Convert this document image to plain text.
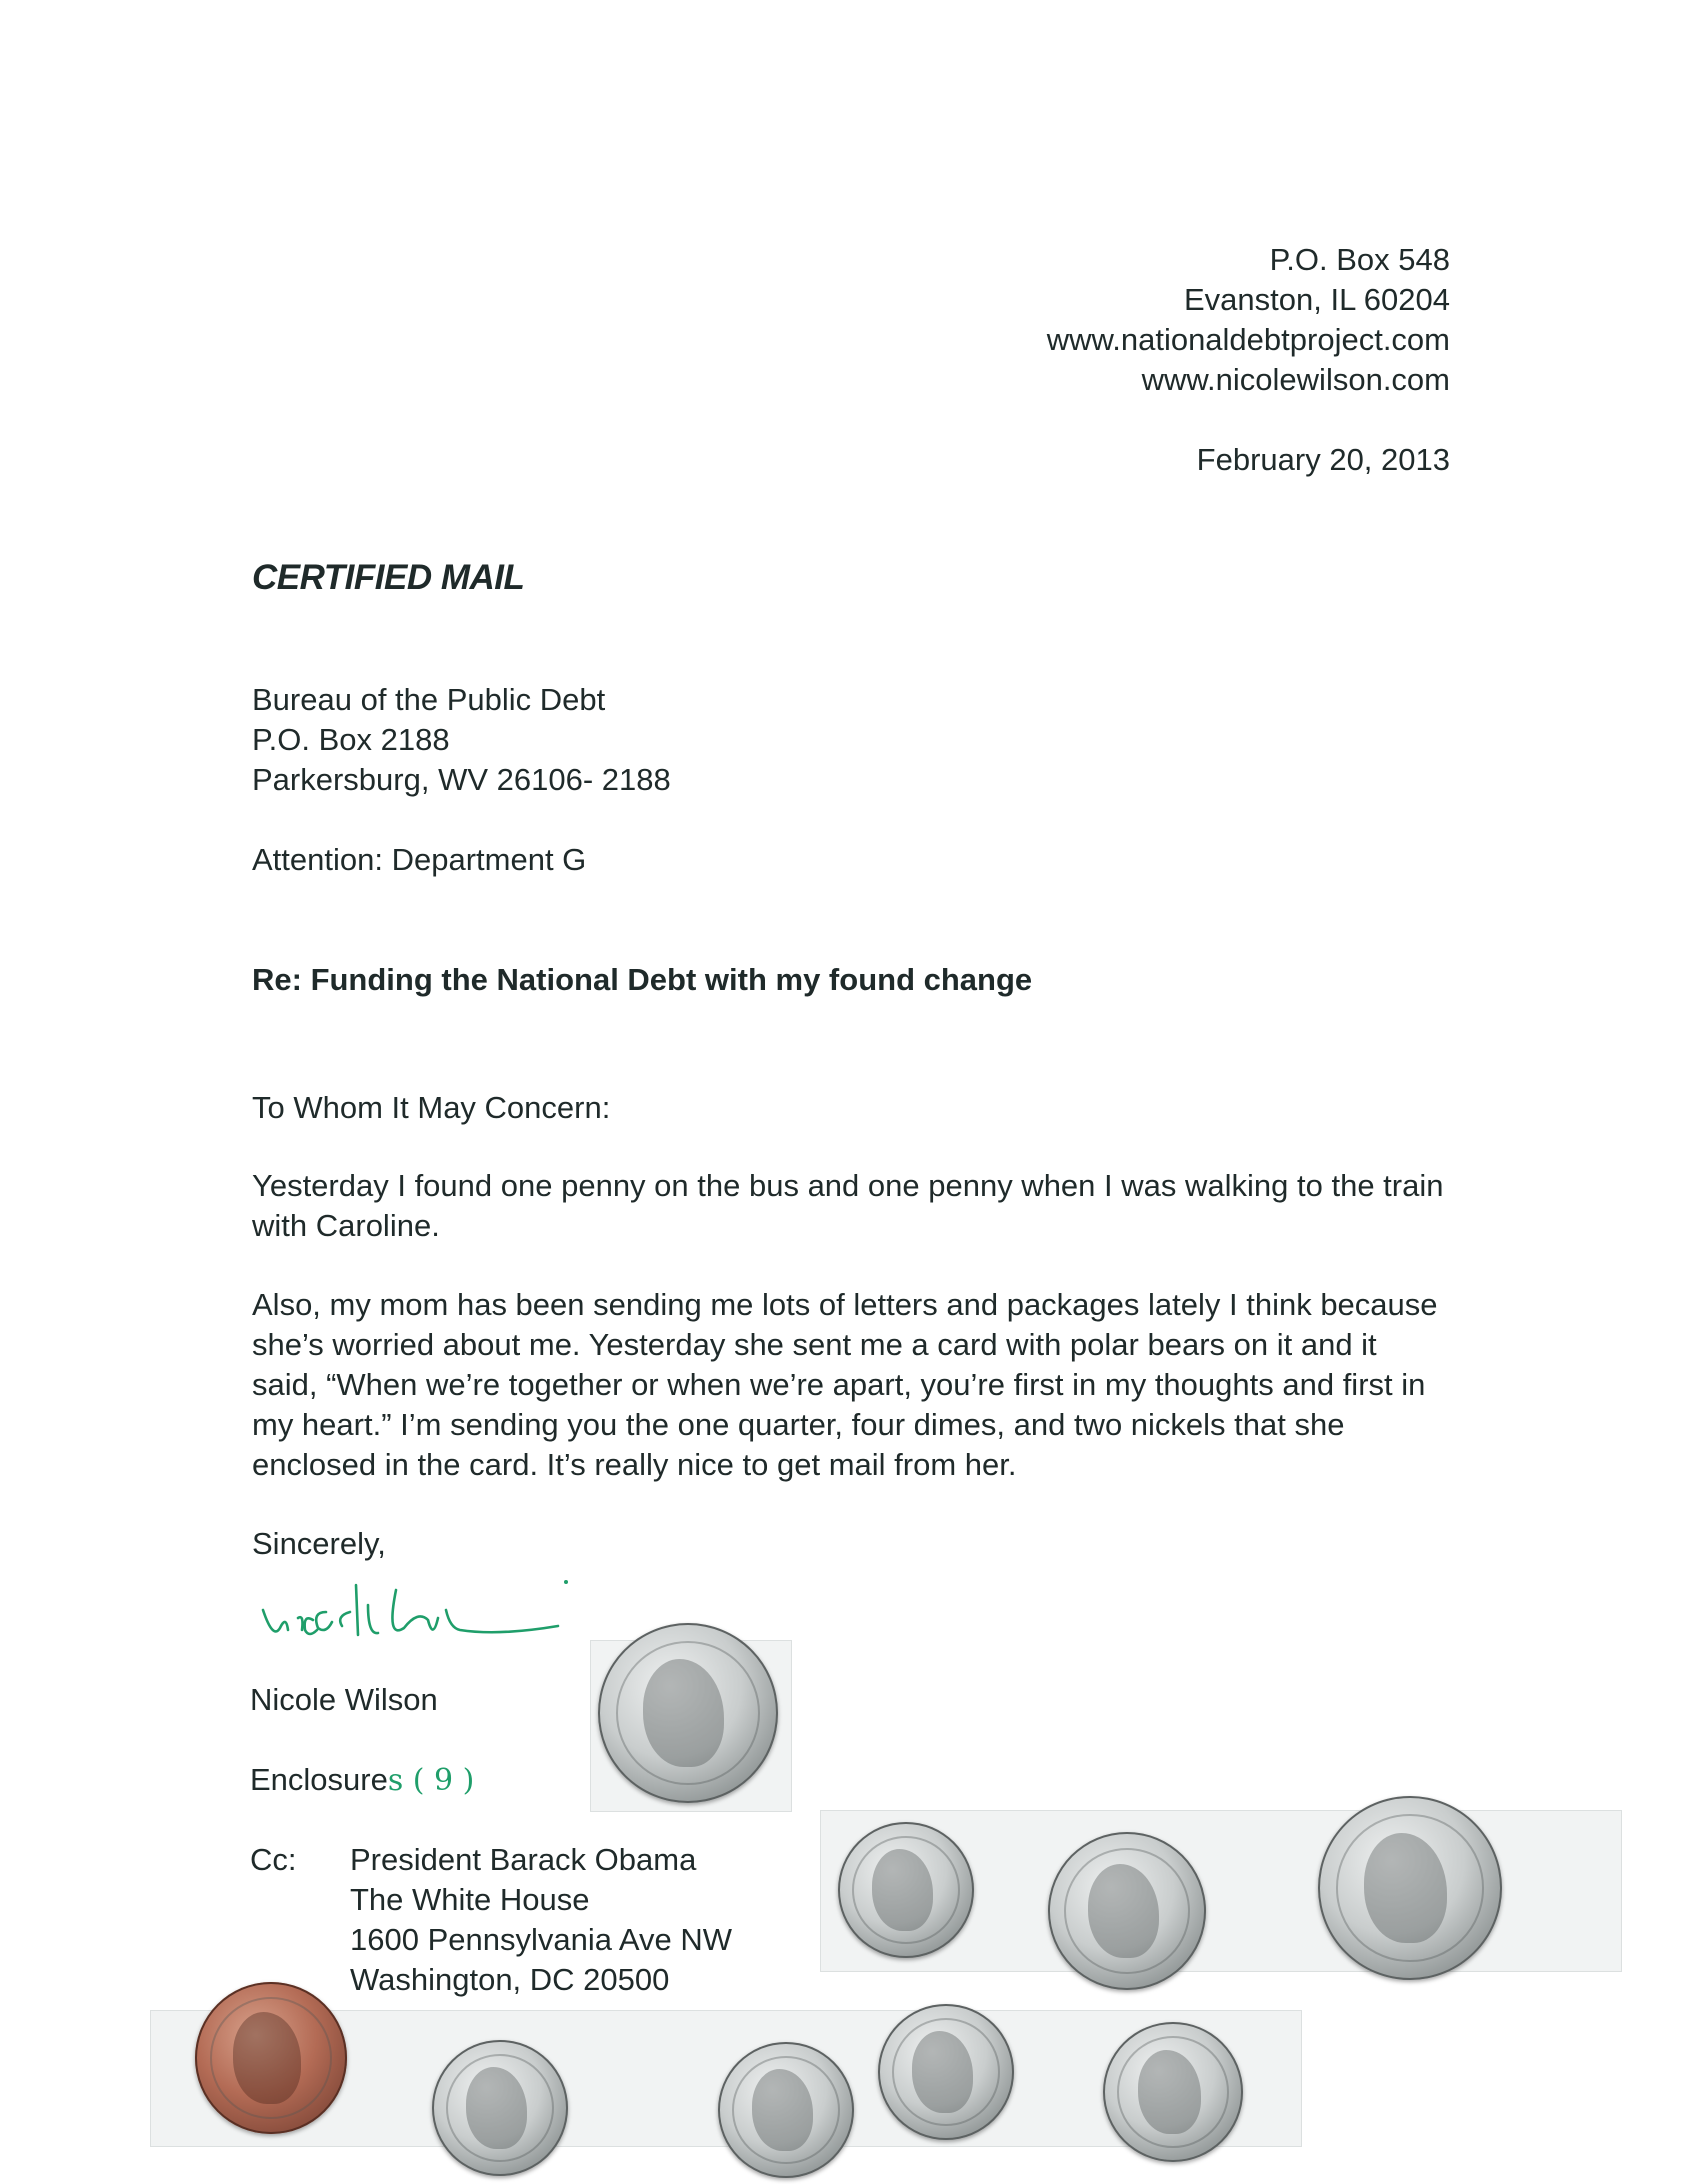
P.O. Box 548
Evanston, IL 60204
www.nationaldebtproject.com
www.nicolewilson.com
February 20, 2013
CERTIFIED MAIL
Bureau of the Public Debt
P.O. Box 2188
Parkersburg, WV 26106- 2188
Attention: Department G
Re: Funding the National Debt with my found change
To Whom It May Concern:
Yesterday I found one penny on the bus and one penny when I was walking to the train with Caroline.
Also, my mom has been sending me lots of letters and packages lately I think because she’s worried about me. Yesterday she sent me a card with polar bears on it and it said, “When we’re together or when we’re apart, you’re first in my thoughts and first in my heart.” I’m sending you the one quarter, four dimes, and two nickels that she enclosed in the card. It’s really nice to get mail from her.
Sincerely,
Nicole Wilson
Enclosures ( 9 )
Cc: President Barack Obama
The White House
1600 Pennsylvania Ave NW
Washington, DC 20500
